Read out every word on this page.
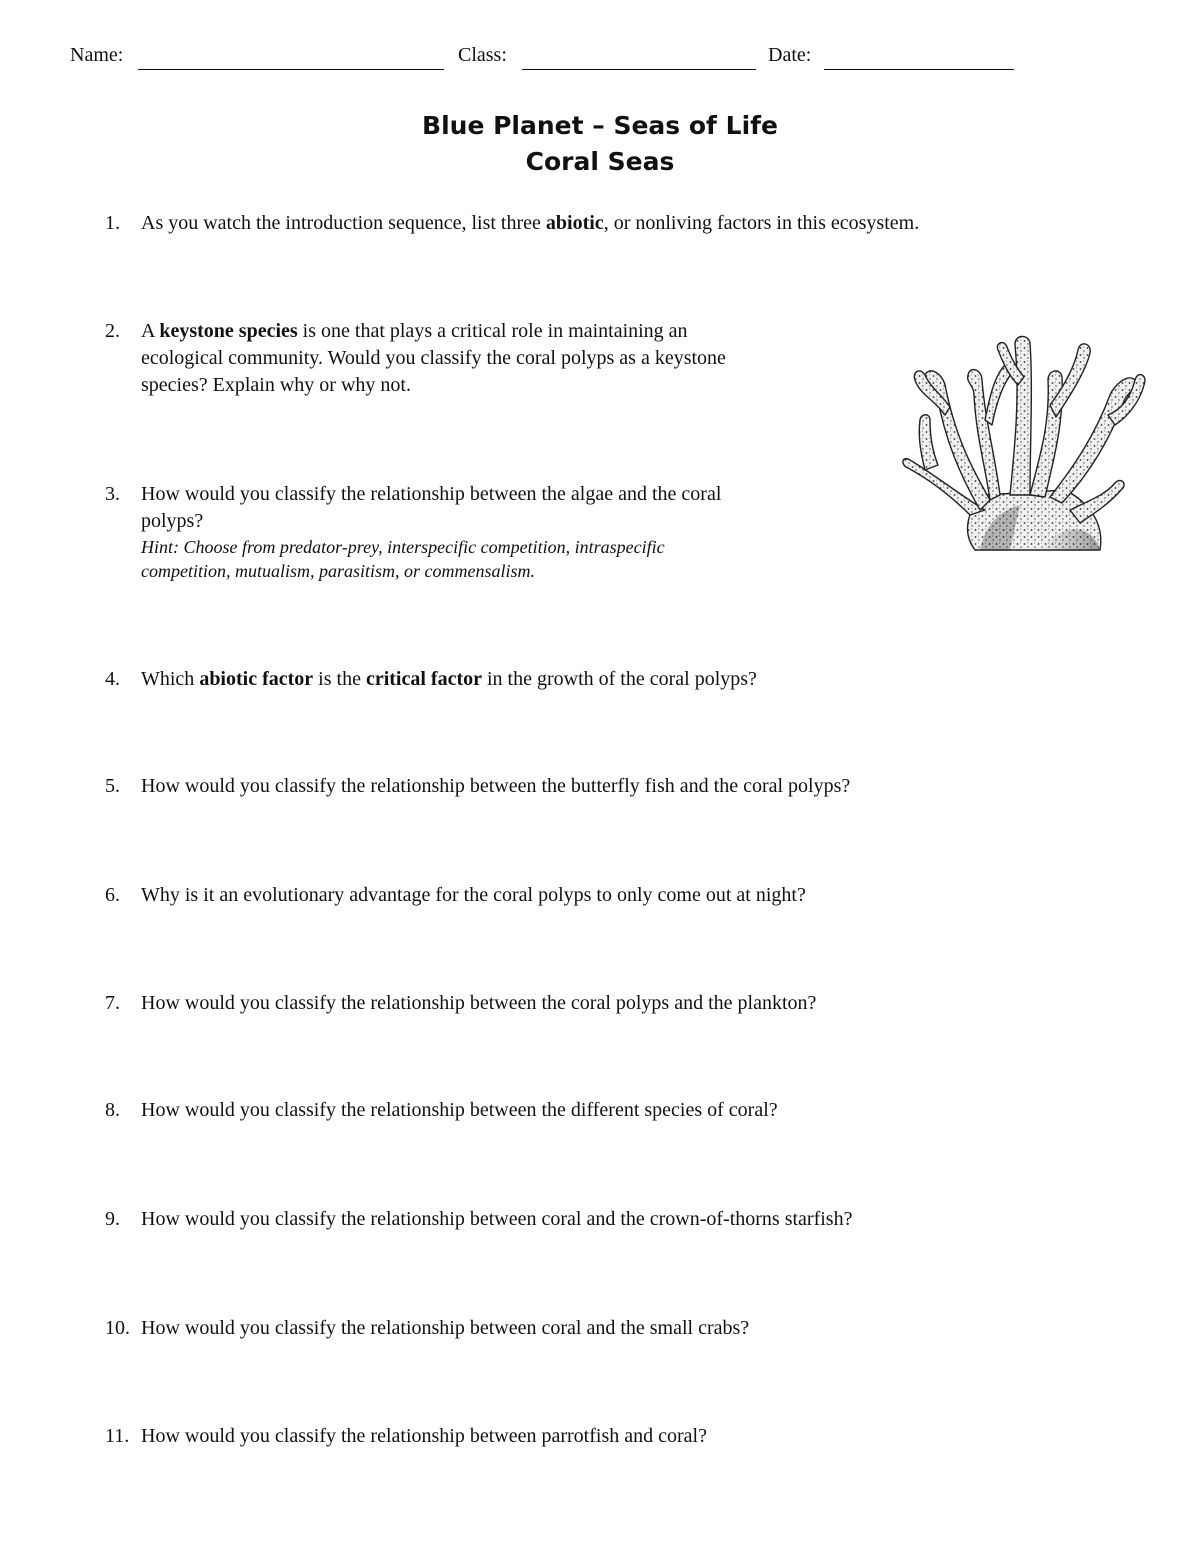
Name:	Class:	Date:
Blue Planet – Seas of Life
Coral Seas
1.	As you watch the introduction sequence, list three abiotic, or nonliving factors in this ecosystem.
2.	A keystone species is one that plays a critical role in maintaining an
ecological community. Would you classify the coral polyps as a keystone
species? Explain why or why not.
3.	How would you classify the relationship between the algae and the coral
polyps?
Hint: Choose from predator-prey, interspecific competition, intraspecific
competition, mutualism, parasitism, or commensalism.
4.	Which abiotic factor is the critical factor in the growth of the coral polyps?
5.	How would you classify the relationship between the butterfly fish and the coral polyps?
6.	Why is it an evolutionary advantage for the coral polyps to only come out at night?
7.	How would you classify the relationship between the coral polyps and the plankton?
8.	How would you classify the relationship between the different species of coral?
9.	How would you classify the relationship between coral and the crown-of-thorns starfish?
10. How would you classify the relationship between coral and the small crabs?
11. How would you classify the relationship between parrotfish and coral?
